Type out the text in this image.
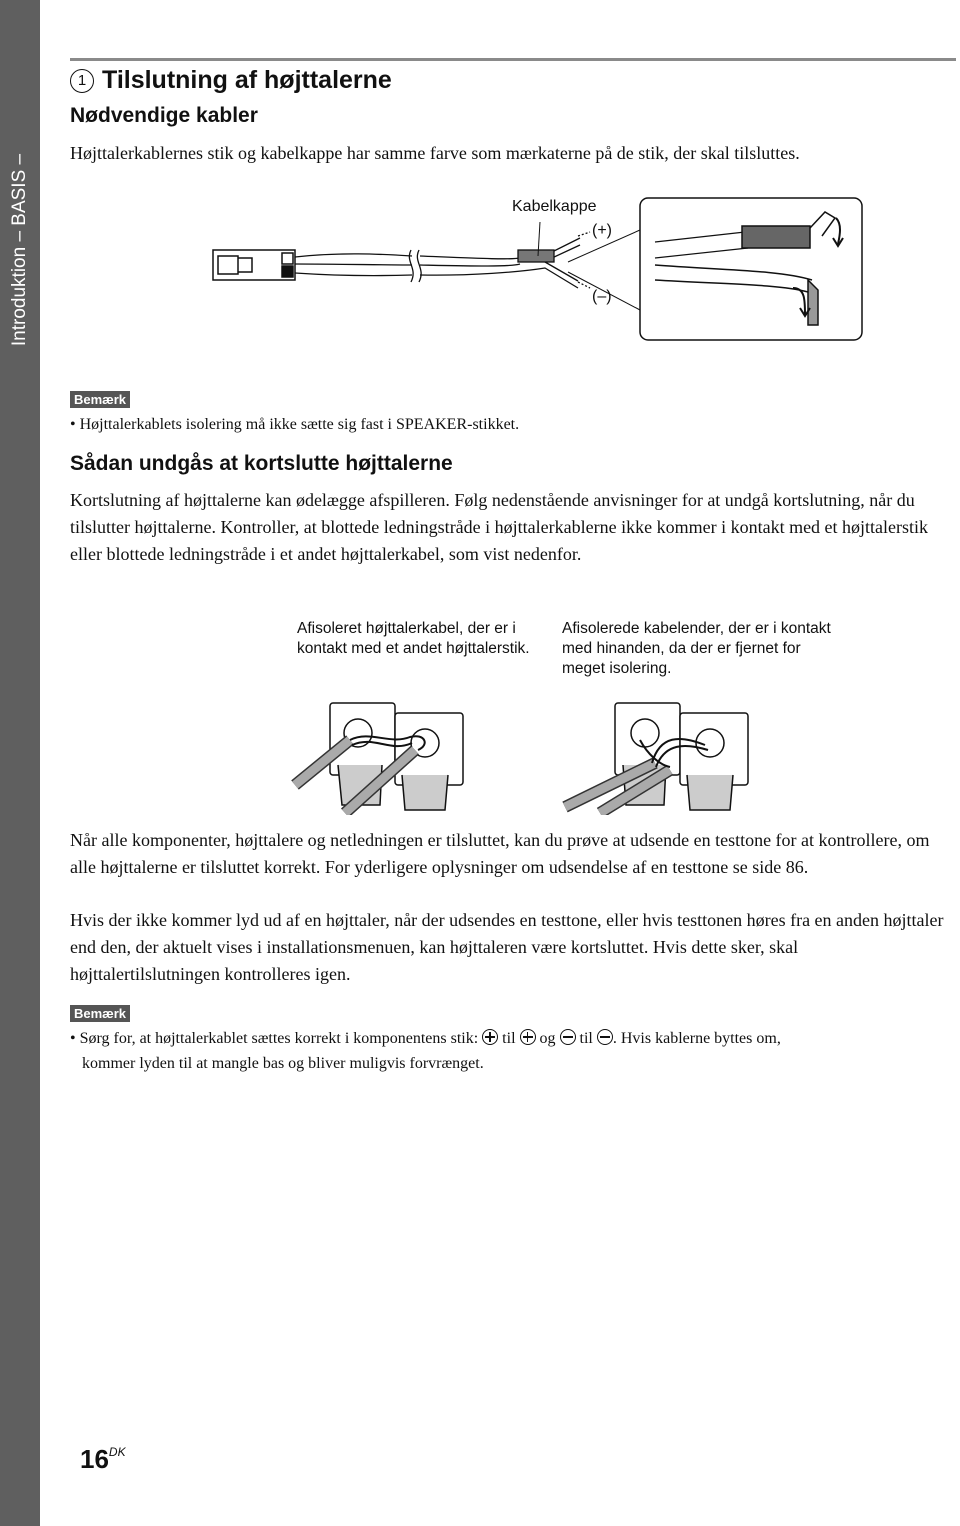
Introduktion – BASIS –
1 Tilslutning af højttalerne
Nødvendige kabler
Højttalerkablernes stik og kabelkappe har samme farve som mærkaterne på de stik, der skal tilsluttes.
Kabelkappe
(+)
(–)
Bemærk
• Højttalerkablets isolering må ikke sætte sig fast i SPEAKER-stikket.
Sådan undgås at kortslutte højttalerne
Kortslutning af højttalerne kan ødelægge afspilleren. Følg nedenstående anvisninger for at undgå kortslutning, når du tilslutter højttalerne. Kontroller, at blottede ledningstråde i højttalerkablerne ikke kommer i kontakt med et højttalerstik eller blottede ledningstråde i et andet højttalerkabel, som vist nedenfor.
Afisoleret højttalerkabel, der er i kontakt med et andet højttalerstik.
Afisolerede kabelender, der er i kontakt med hinanden, da der er fjernet for meget isolering.
Når alle komponenter, højttalere og netledningen er tilsluttet, kan du prøve at udsende en testtone for at kontrollere, om alle højttalerne er tilsluttet korrekt. For yderligere oplysninger om udsendelse af en testtone se side 86.
Hvis der ikke kommer lyd ud af en højttaler, når der udsendes en testtone, eller hvis testtonen høres fra en anden højttaler end den, der aktuelt vises i installationsmenuen, kan højttaleren være kortsluttet. Hvis dette sker, skal højttalertilslutningen kontrolleres igen.
Bemærk
• Sørg for, at højttalerkablet sættes korrekt i komponentens stik: til og til . Hvis kablerne byttes om,
kommer lyden til at mangle bas og bliver muligvis forvrænget.
$16^{DK}$
